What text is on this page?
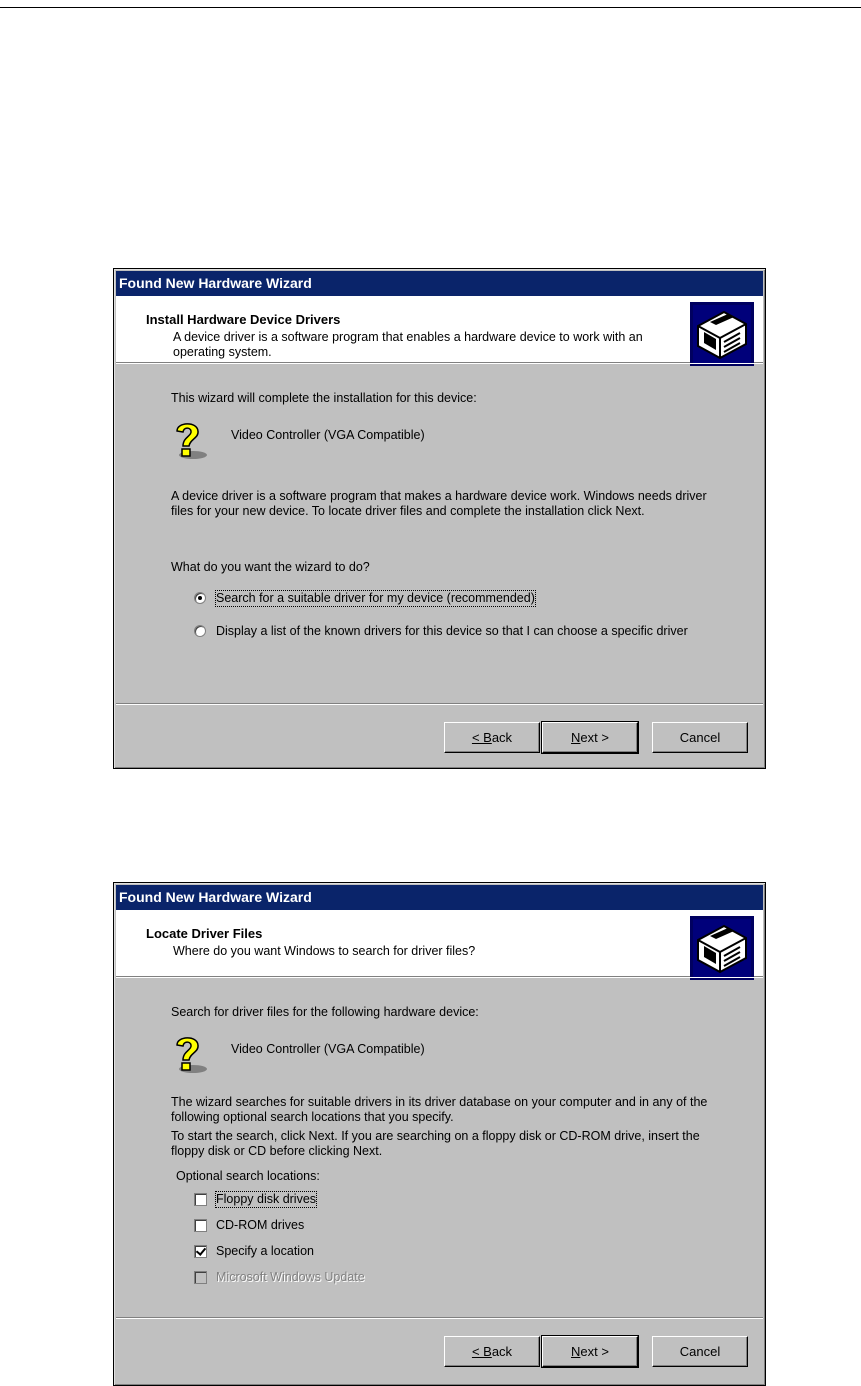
Found New Hardware Wizard
Install Hardware Device Drivers
A device driver is a software program that enables a hardware device to work with an operating system.
This wizard will complete the installation for this device:
Video Controller (VGA Compatible)
A device driver is a software program that makes a hardware device work. Windows needs driver files for your new device. To locate driver files and complete the installation click Next.
What do you want the wizard to do?
Search for a suitable driver for my device (recommended)
Display a list of the known drivers for this device so that I can choose a specific driver
< Back	Next >	Cancel
Found New Hardware Wizard
Locate Driver Files
Where do you want Windows to search for driver files?
Search for driver files for the following hardware device:
Video Controller (VGA Compatible)
The wizard searches for suitable drivers in its driver database on your computer and in any of the following optional search locations that you specify.
To start the search, click Next. If you are searching on a floppy disk or CD-ROM drive, insert the floppy disk or CD before clicking Next.
Optional search locations:
Floppy disk drives
CD-ROM drives
Specify a location
Microsoft Windows Update
< Back	Next >	Cancel
